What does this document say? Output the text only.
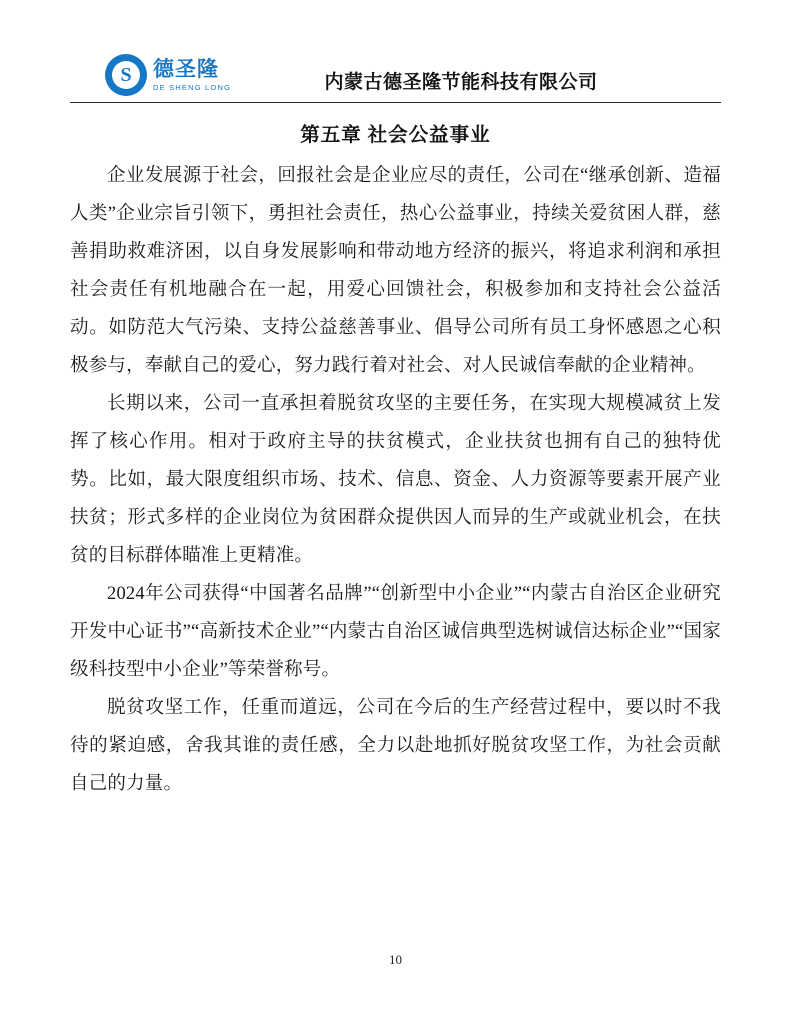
S 德圣隆
DE SHENG LONG	内蒙古德圣隆节能科技有限公司
第五章 社会公益事业

企业发展源于社会，回报社会是企业应尽的责任，公司在“继承创新、造福人类”企业宗旨引领下，勇担社会责任，热心公益事业，持续关爱贫困人群，慈善捐助救难济困，以自身发展影响和带动地方经济的振兴，将追求利润和承担社会责任有机地融合在一起，用爱心回馈社会，积极参加和支持社会公益活动。如防范大气污染、支持公益慈善事业、倡导公司所有员工身怀感恩之心积极参与，奉献自己的爱心，努力践行着对社会、对人民诚信奉献的企业精神。

长期以来，公司一直承担着脱贫攻坚的主要任务，在实现大规模减贫上发挥了核心作用。相对于政府主导的扶贫模式，企业扶贫也拥有自己的独特优势。比如，最大限度组织市场、技术、信息、资金、人力资源等要素开展产业扶贫；形式多样的企业岗位为贫困群众提供因人而异的生产或就业机会，在扶贫的目标群体瞄准上更精准。

2024年公司获得“中国著名品牌”“创新型中小企业”“内蒙古自治区企业研究开发中心证书”“高新技术企业”“内蒙古自治区诚信典型选树诚信达标企业”“国家级科技型中小企业”等荣誉称号。

脱贫攻坚工作，任重而道远，公司在今后的生产经营过程中，要以时不我待的紧迫感，舍我其谁的责任感，全力以赴地抓好脱贫攻坚工作，为社会贡献自己的力量。

10
